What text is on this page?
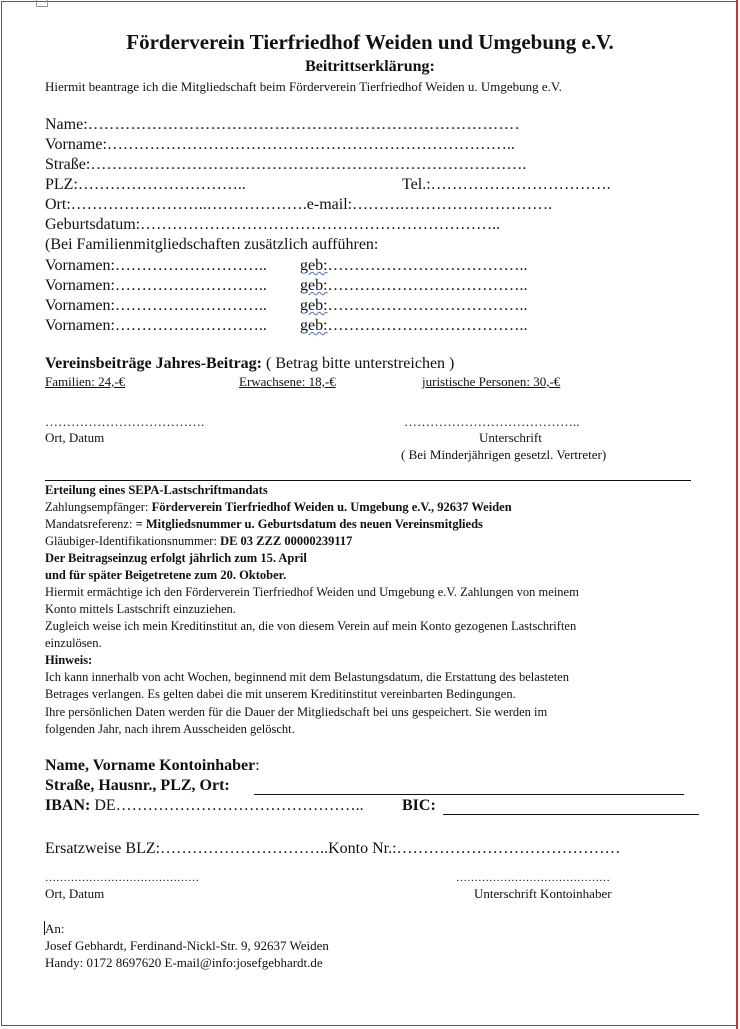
Förderverein Tierfriedhof Weiden und Umgebung e.V.
Beitrittserklärung:
Hiermit beantrage ich die Mitgliedschaft beim Förderverein Tierfriedhof Weiden u. Umgebung e.V.
Name:………………………………………………………………………
Vorname:…………………………………………………………………..
Straße:……………………………………………………………………….
PLZ:…………………………..	Tel.:…………………………….
Ort:……………………..……………….e-mail:……….……………………….
Geburtsdatum:…………………………………………………………..
(Bei Familienmitgliedschaften zusätzlich aufführen:
Vornamen:……………………….. geb:………………………………..
Vornamen:……………………….. geb:………………………………..
Vornamen:……………………….. geb:………………………………..
Vornamen:……………………….. geb:………………………………..
Vereinsbeiträge Jahres-Beitrag: ( Betrag bitte unterstreichen )
Familien: 24,-€	Erwachsene: 18,-€	juristische Personen: 30,-€
……………………………….	…………………………………..
Ort, Datum	Unterschrift
( Bei Minderjährigen gesetzl. Vertreter)
Erteilung eines SEPA-Lastschriftmandats
Zahlungsempfänger: Förderverein Tierfriedhof Weiden u. Umgebung e.V., 92637 Weiden
Mandatsreferenz: = Mitgliedsnummer u. Geburtsdatum des neuen Vereinsmitglieds
Gläubiger-Identifikationsnummer: DE 03 ZZZ 00000239117
Der Beitragseinzug erfolgt jährlich zum 15. April
und für später Beigetretene zum 20. Oktober.
Hiermit ermächtige ich den Förderverein Tierfriedhof Weiden und Umgebung e.V. Zahlungen von meinem
Konto mittels Lastschrift einzuziehen.
Zugleich weise ich mein Kreditinstitut an, die von diesem Verein auf mein Konto gezogenen Lastschriften
einzulösen.
Hinweis:
Ich kann innerhalb von acht Wochen, beginnend mit dem Belastungsdatum, die Erstattung des belasteten
Betrages verlangen. Es gelten dabei die mit unserem Kreditinstitut vereinbarten Bedingungen.
Ihre persönlichen Daten werden für die Dauer der Mitgliedschaft bei uns gespeichert. Sie werden im
folgenden Jahr, nach ihrem Ausscheiden gelöscht.
Name, Vorname Kontoinhaber:
Straße, Hausnr., PLZ, Ort:
IBAN: DE……………………………………….. BIC:
Ersatzweise BLZ:…………………………..Konto Nr.:……………………………………
……………………………………	……………………………………
Ort, Datum	Unterschrift Kontoinhaber
An:
Josef Gebhardt, Ferdinand-Nickl-Str. 9, 92637 Weiden
Handy: 0172 8697620 E-mail@info:josefgebhardt.de
